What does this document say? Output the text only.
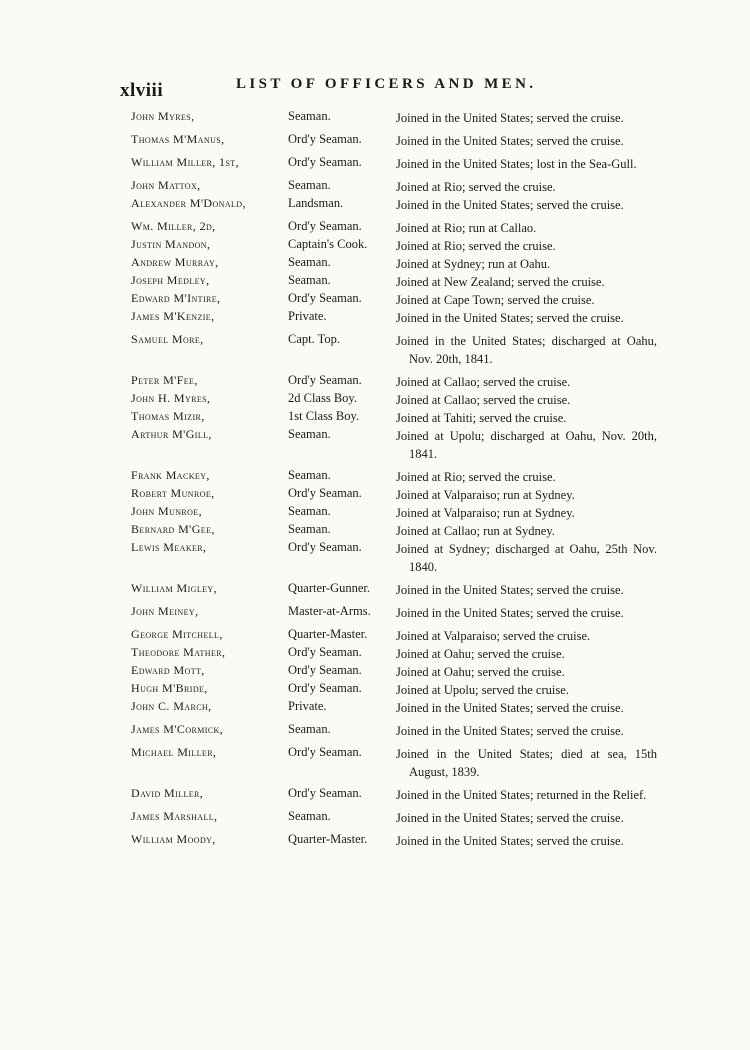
xlviii	LIST OF OFFICERS AND MEN.
John Myres,	Seaman.	Joined in the United States; served the cruise.
Thomas M'Manus,	Ord'y Seaman.	Joined in the United States; served the cruise.
William Miller, 1st,	Ord'y Seaman.	Joined in the United States; lost in the Sea-Gull.
John Mattox,	Seaman.	Joined at Rio; served the cruise.
Alexander M'Donald,	Landsman.	Joined in the United States; served the cruise.
Wm. Miller, 2d,	Ord'y Seaman.	Joined at Rio; run at Callao.
Justin Mandon,	Captain's Cook. Joined at Rio; served the cruise.
Andrew Murray,	Seaman.	Joined at Sydney; run at Oahu.
Joseph Medley,	Seaman.	Joined at New Zealand; served the cruise.
Edward M'Intire,	Ord'y Seaman.	Joined at Cape Town; served the cruise.
James M'Kenzie,	Private.	Joined in the United States; served the cruise.
Samuel More,	Capt. Top.	Joined in the United States; discharged at Oahu, Nov. 20th, 1841.
Peter M'Fee,	Ord'y Seaman.	Joined at Callao; served the cruise.
John H. Myres,	2d Class Boy.	Joined at Callao; served the cruise.
Thomas Mizir,	1st Class Boy.	Joined at Tahiti; served the cruise.
Arthur M'Gill,	Seaman.	Joined at Upolu; discharged at Oahu, Nov. 20th, 1841.
Frank Mackey,	Seaman.	Joined at Rio; served the cruise.
Robert Munroe,	Ord'y Seaman.	Joined at Valparaiso; run at Sydney.
John Munroe,	Seaman.	Joined at Valparaiso; run at Sydney.
Bernard M'Gee,	Seaman.	Joined at Callao; run at Sydney.
Lewis Meaker,	Ord'y Seaman.	Joined at Sydney; discharged at Oahu, 25th Nov. 1840.
William Migley,	Quarter-Gunner. Joined in the United States; served the cruise.
John Meiney,	Master-at-Arms. Joined in the United States; served the cruise.
George Mitchell,	Quarter-Master. Joined at Valparaiso; served the cruise.
Theodore Mather,	Ord'y Seaman.	Joined at Oahu; served the cruise.
Edward Mott,	Ord'y Seaman.	Joined at Oahu; served the cruise.
Hugh M'Bride,	Ord'y Seaman.	Joined at Upolu; served the cruise.
John C. March,	Private.	Joined in the United States; served the cruise.
James M'Cormick,	Seaman.	Joined in the United States; served the cruise.
Michael Miller,	Ord'y Seaman.	Joined in the United States; died at sea, 15th August, 1839.
David Miller,	Ord'y Seaman.	Joined in the United States; returned in the Relief.
James Marshall,	Seaman.	Joined in the United States; served the cruise.
William Moody,	Quarter-Master. Joined in the United States; served the cruise.
